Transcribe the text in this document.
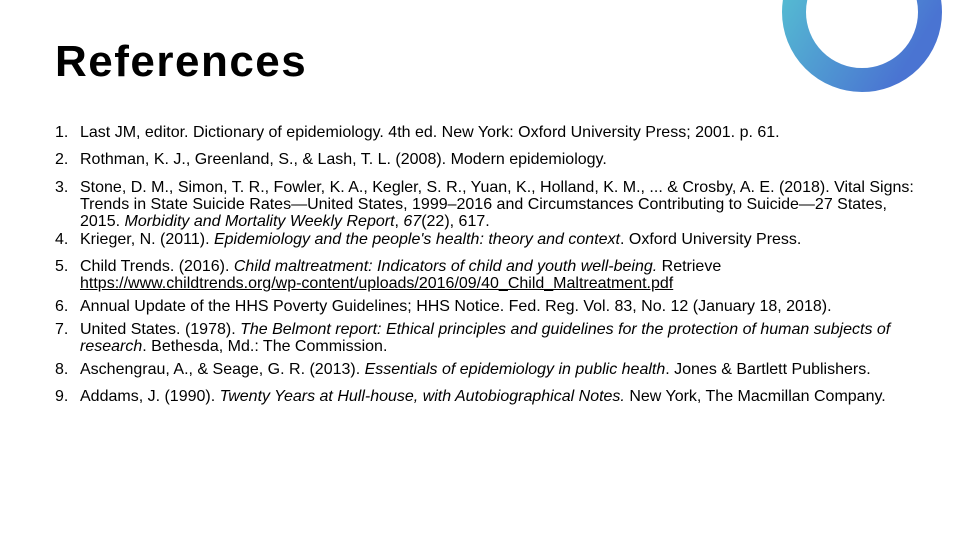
References
1. Last JM, editor. Dictionary of epidemiology. 4th ed. New York: Oxford University Press; 2001. p. 61.
2. Rothman, K. J., Greenland, S., & Lash, T. L. (2008). Modern epidemiology.
3. Stone, D. M., Simon, T. R., Fowler, K. A., Kegler, S. R., Yuan, K., Holland, K. M., ... & Crosby, A. E. (2018). Vital Signs: Trends in State Suicide Rates—United States, 1999–2016 and Circumstances Contributing to Suicide—27 States, 2015. Morbidity and Mortality Weekly Report, 67(22), 617.
4. Krieger, N. (2011). Epidemiology and the people's health: theory and context. Oxford University Press.
5. Child Trends. (2016). Child maltreatment: Indicators of child and youth well-being. Retrieve https://www.childtrends.org/wp-content/uploads/2016/09/40_Child_Maltreatment.pdf
6. Annual Update of the HHS Poverty Guidelines; HHS Notice. Fed. Reg. Vol. 83, No. 12 (January 18, 2018).
7. United States. (1978). The Belmont report: Ethical principles and guidelines for the protection of human subjects of research. Bethesda, Md.: The Commission.
8. Aschengrau, A., & Seage, G. R. (2013). Essentials of epidemiology in public health. Jones & Bartlett Publishers.
9. Addams, J. (1990). Twenty Years at Hull-house, with Autobiographical Notes. New York, The Macmillan Company.
